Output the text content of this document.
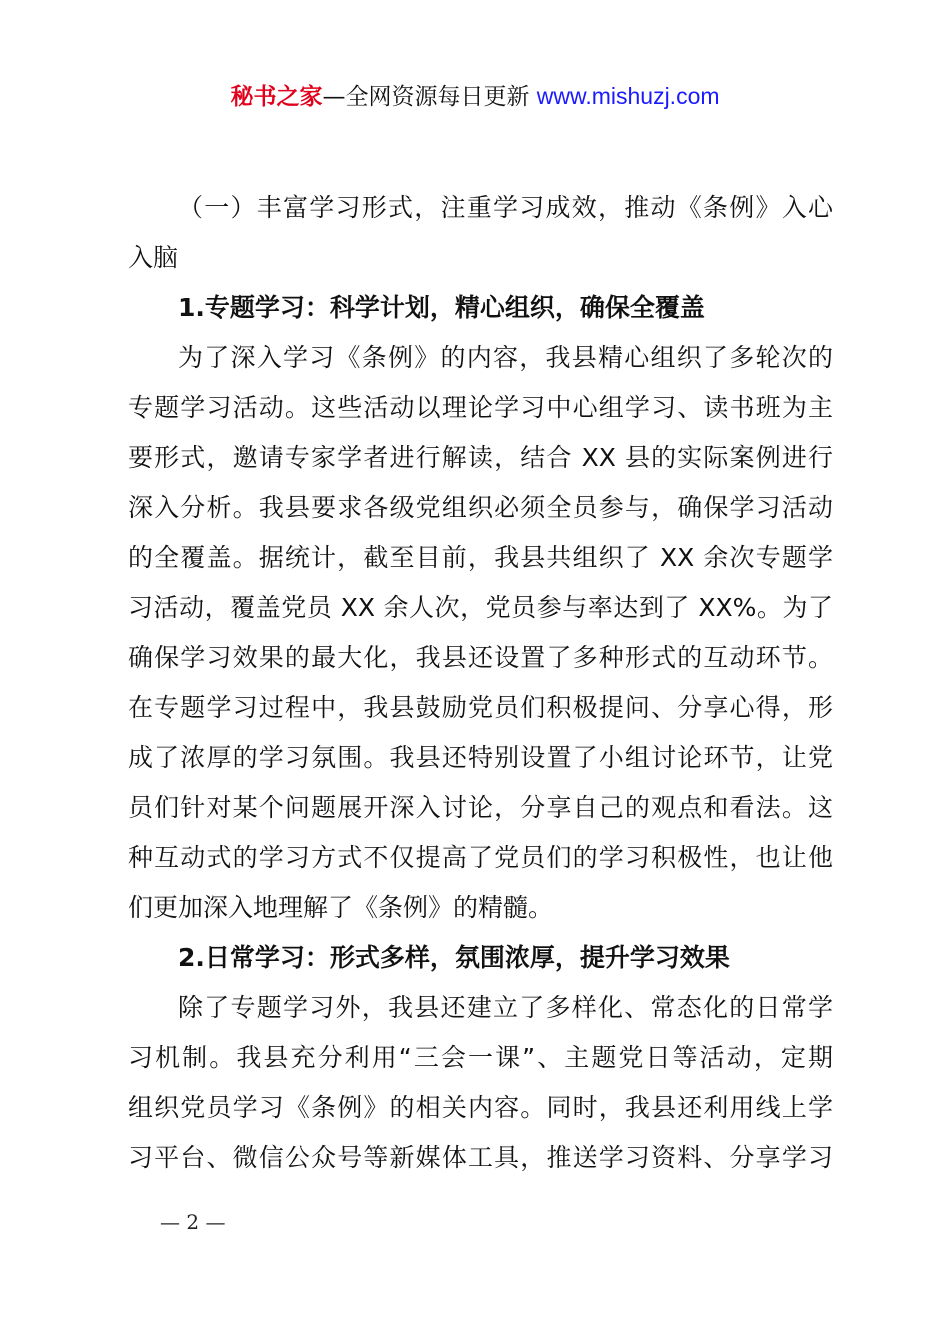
秘书之家—全网资源每日更新 www.mishuzj.com
（一）丰富学习形式，注重学习成效，推动《条例》入心
入脑
1.专题学习：科学计划，精心组织，确保全覆盖
为了深入学习《条例》的内容，我县精心组织了多轮次的
专题学习活动。这些活动以理论学习中心组学习、读书班为主
要形式，邀请专家学者进行解读，结合 XX 县的实际案例进行
深入分析。我县要求各级党组织必须全员参与，确保学习活动
的全覆盖。据统计，截至目前，我县共组织了 XX 余次专题学
习活动，覆盖党员 XX 余人次，党员参与率达到了 XX%。为了
确保学习效果的最大化，我县还设置了多种形式的互动环节。
在专题学习过程中，我县鼓励党员们积极提问、分享心得，形
成了浓厚的学习氛围。我县还特别设置了小组讨论环节，让党
员们针对某个问题展开深入讨论，分享自己的观点和看法。这
种互动式的学习方式不仅提高了党员们的学习积极性，也让他
们更加深入地理解了《条例》的精髓。
2.日常学习：形式多样，氛围浓厚，提升学习效果
除了专题学习外，我县还建立了多样化、常态化的日常学
习机制。我县充分利用“三会一课”、主题党日等活动，定期
组织党员学习《条例》的相关内容。同时，我县还利用线上学
习平台、微信公众号等新媒体工具，推送学习资料、分享学习
— 2 —
